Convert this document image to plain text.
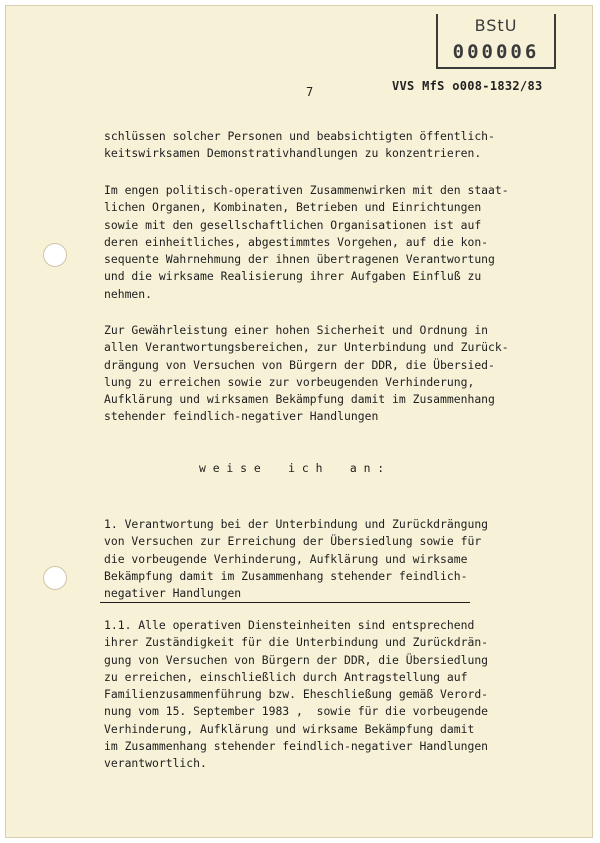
BStU
000006
7	VVS MfS o008-1832/83
schlüssen solcher Personen und beabsichtigten öffentlich-
keitswirksamen Demonstrativhandlungen zu konzentrieren.
Im engen politisch-operativen Zusammenwirken mit den staat-
lichen Organen, Kombinaten, Betrieben und Einrichtungen
sowie mit den gesellschaftlichen Organisationen ist auf
deren einheitliches, abgestimmtes Vorgehen, auf die kon-
sequente Wahrnehmung der ihnen übertragenen Verantwortung
und die wirksame Realisierung ihrer Aufgaben Einfluß zu
nehmen.
Zur Gewährleistung einer hohen Sicherheit und Ordnung in
allen Verantwortungsbereichen, zur Unterbindung und Zurück-
drängung von Versuchen von Bürgern der DDR, die Übersied-
lung zu erreichen sowie zur vorbeugenden Verhinderung,
Aufklärung und wirksamen Bekämpfung damit im Zusammenhang
stehender feindlich-negativer Handlungen
w e i s e    i c h    a n :
1. Verantwortung bei der Unterbindung und Zurückdrängung
von Versuchen zur Erreichung der Übersiedlung sowie für
die vorbeugende Verhinderung, Aufklärung und wirksame
Bekämpfung damit im Zusammenhang stehender feindlich-
negativer Handlungen
1.1. Alle operativen Diensteinheiten sind entsprechend
ihrer Zuständigkeit für die Unterbindung und Zurückdrän-
gung von Versuchen von Bürgern der DDR, die Übersiedlung
zu erreichen, einschließlich durch Antragstellung auf
Familienzusammenführung bzw. Eheschließung gemäß Verord-
nung vom 15. September 1983 ,  sowie für die vorbeugende
Verhinderung, Aufklärung und wirksame Bekämpfung damit
im Zusammenhang stehender feindlich-negativer Handlungen
verantwortlich.
